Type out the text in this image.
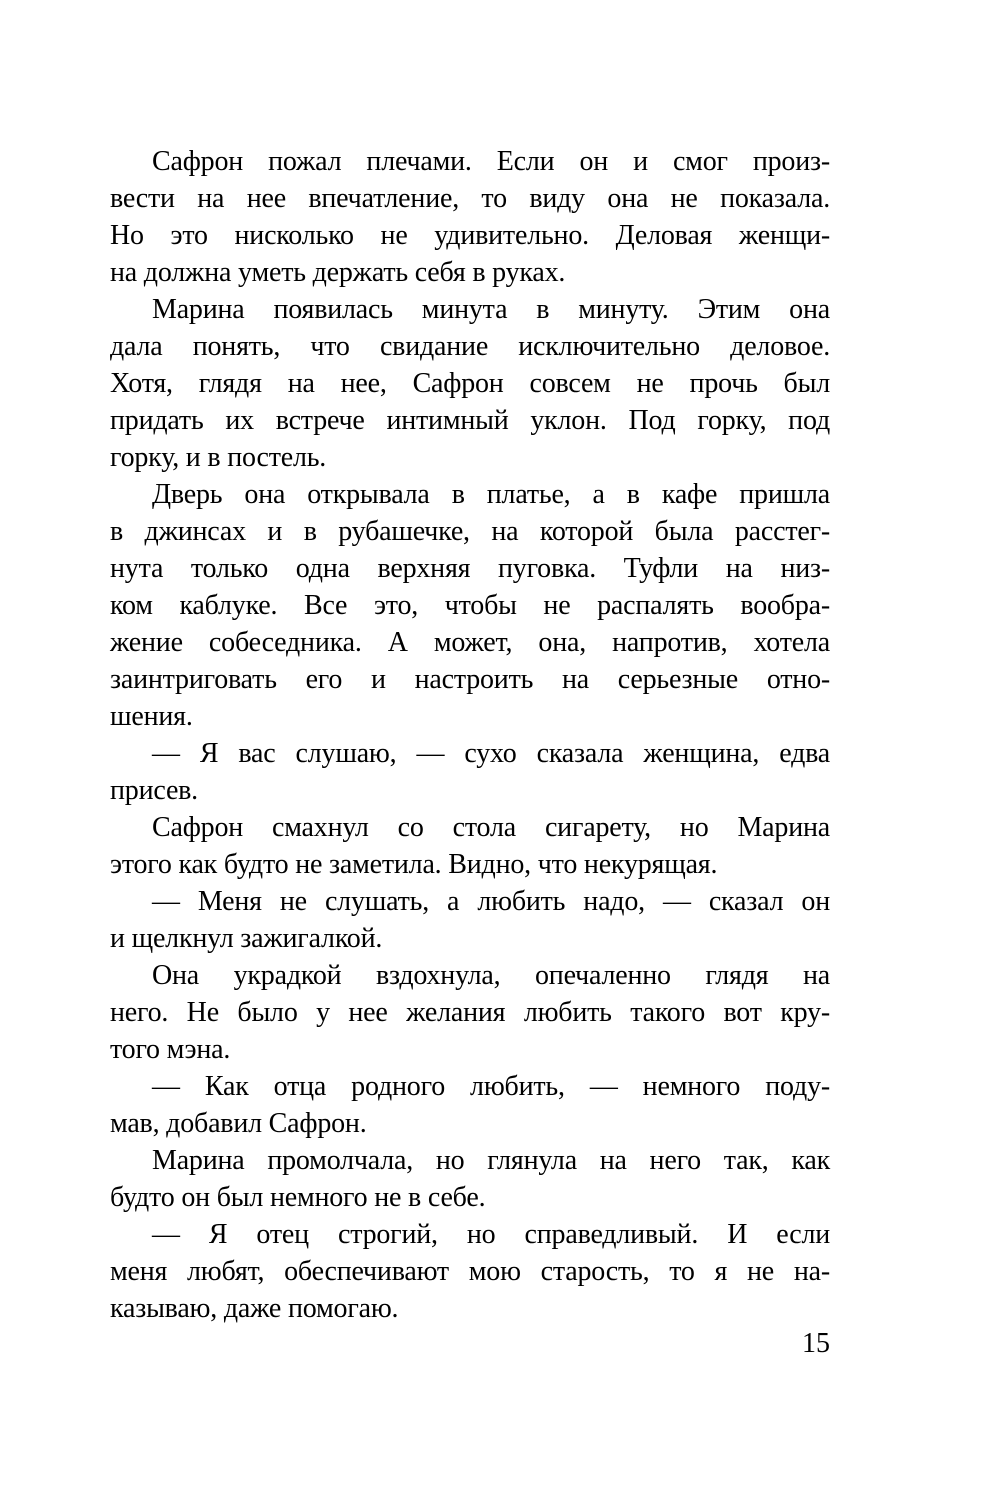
Сафрон пожал плечами. Если он и смог произ-
вести на нее впечатление, то виду она не показала.
Но это нисколько не удивительно. Деловая женщи-
на должна уметь держать себя в руках.

Марина появилась минута в минуту. Этим она
дала понять, что свидание исключительно деловое.
Хотя, глядя на нее, Сафрон совсем не прочь был
придать их встрече интимный уклон. Под горку, под
горку, и в постель.

Дверь она открывала в платье, а в кафе пришла
в джинсах и в рубашечке, на которой была расстег-
нута только одна верхняя пуговка. Туфли на низ-
ком каблуке. Все это, чтобы не распалять вообра-
жение собеседника. А может, она, напротив, хотела
заинтриговать его и настроить на серьезные отно-
шения.

— Я вас слушаю, — сухо сказала женщина, едва
присев.

Сафрон смахнул со стола сигарету, но Марина
этого как будто не заметила. Видно, что некурящая.

— Меня не слушать, а любить надо, — сказал он
и щелкнул зажигалкой.

Она украдкой вздохнула, опечаленно глядя на
него. Не было у нее желания любить такого вот кру-
того мэна.

— Как отца родного любить, — немного поду-
мав, добавил Сафрон.

Марина промолчала, но глянула на него так, как
будто он был немного не в себе.

— Я отец строгий, но справедливый. И если
меня любят, обеспечивают мою старость, то я не на-
казываю, даже помогаю.

15
